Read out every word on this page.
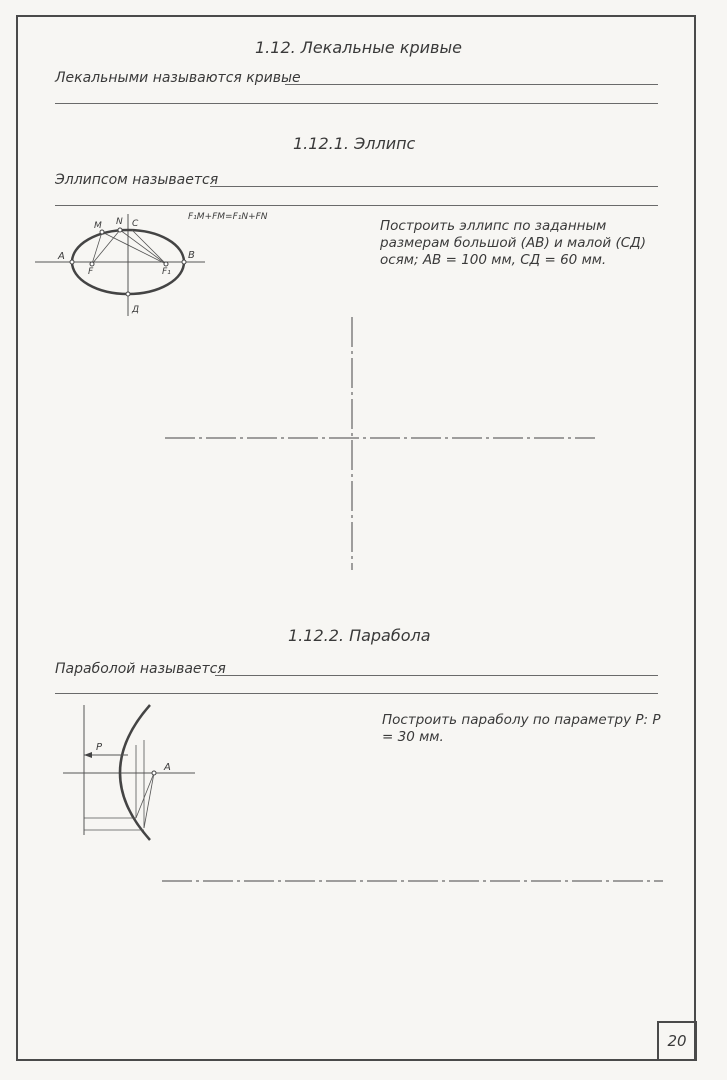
1.12. Лекальные кривые
Лекальными называются кривые
1.12.1. Эллипс
Эллипсом называется
F₁M+FM=F₁N+FN
Построить эллипс по заданным размерам большой (АВ) и малой (СД) осям; АВ = 100 мм, СД = 60 мм.
A	B
C
Д
M N
F	F₁
1.12.2. Парабола
Параболой называется
Построить параболу по параметру Р: Р = 30 мм.
P
A
20
